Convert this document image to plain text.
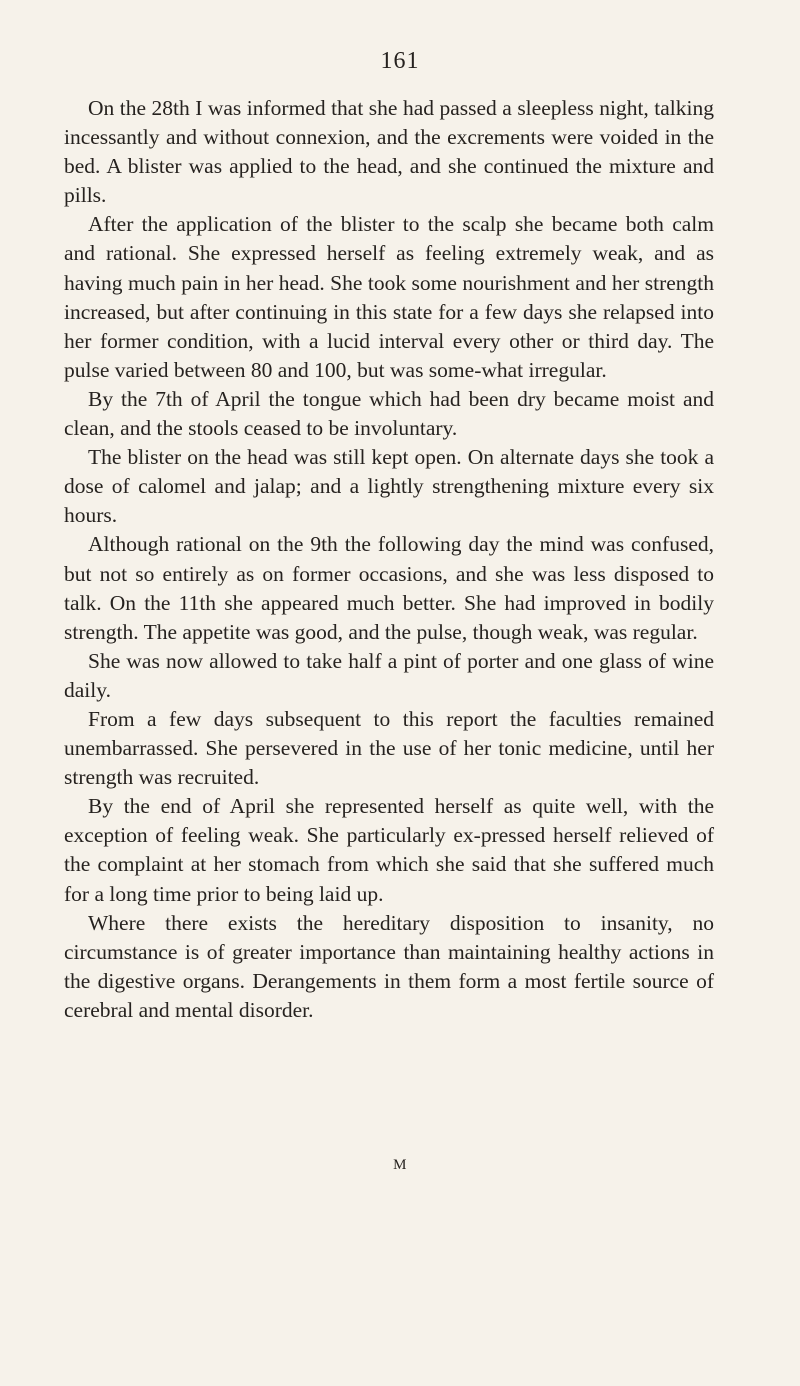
161

On the 28th I was informed that she had passed a sleepless night, talking incessantly and without connexion, and the excrements were voided in the bed. A blister was applied to the head, and she continued the mixture and pills.

After the application of the blister to the scalp she became both calm and rational. She expressed herself as feeling extremely weak, and as having much pain in her head. She took some nourishment and her strength increased, but after continuing in this state for a few days she relapsed into her former condition, with a lucid interval every other or third day. The pulse varied between 80 and 100, but was some-what irregular.

By the 7th of April the tongue which had been dry became moist and clean, and the stools ceased to be involuntary.

The blister on the head was still kept open. On alternate days she took a dose of calomel and jalap; and a lightly strengthening mixture every six hours.

Although rational on the 9th the following day the mind was confused, but not so entirely as on former occasions, and she was less disposed to talk. On the 11th she appeared much better. She had improved in bodily strength. The appetite was good, and the pulse, though weak, was regular.

She was now allowed to take half a pint of porter and one glass of wine daily.

From a few days subsequent to this report the faculties remained unembarrassed. She persevered in the use of her tonic medicine, until her strength was recruited.

By the end of April she represented herself as quite well, with the exception of feeling weak. She particularly ex-pressed herself relieved of the complaint at her stomach from which she said that she suffered much for a long time prior to being laid up.

Where there exists the hereditary disposition to insanity, no circumstance is of greater importance than maintaining healthy actions in the digestive organs. Derangements in them form a most fertile source of cerebral and mental disorder.

M
